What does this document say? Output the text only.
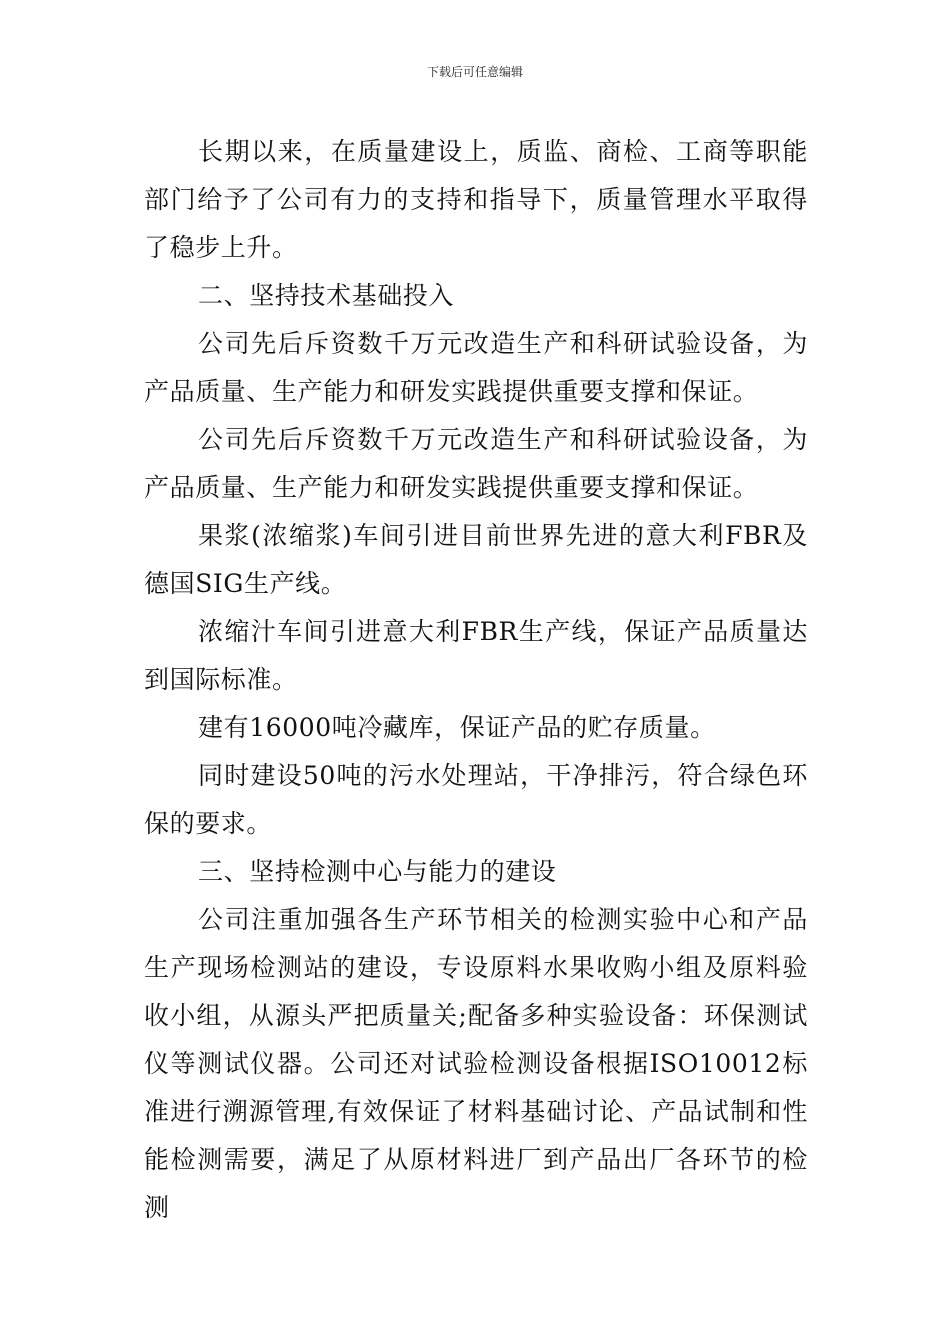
下载后可任意编辑

长期以来，在质量建设上，质监、商检、工商等职能部门给予了公司有力的支持和指导下，质量管理水平取得了稳步上升。

二、坚持技术基础投入

公司先后斥资数千万元改造生产和科研试验设备，为产品质量、生产能力和研发实践提供重要支撑和保证。

公司先后斥资数千万元改造生产和科研试验设备，为产品质量、生产能力和研发实践提供重要支撑和保证。

果浆(浓缩浆)车间引进目前世界先进的意大利FBR及德国SIG生产线。

浓缩汁车间引进意大利FBR生产线，保证产品质量达到国际标准。

建有16000吨冷藏库，保证产品的贮存质量。

同时建设50吨的污水处理站，干净排污，符合绿色环保的要求。

三、坚持检测中心与能力的建设

公司注重加强各生产环节相关的检测实验中心和产品生产现场检测站的建设，专设原料水果收购小组及原料验收小组，从源头严把质量关;配备多种实验设备：环保测试仪等测试仪器。公司还对试验检测设备根据ISO10012标准进行溯源管理,有效保证了材料基础讨论、产品试制和性能检测需要，满足了从原材料进厂到产品出厂各环节的检测
